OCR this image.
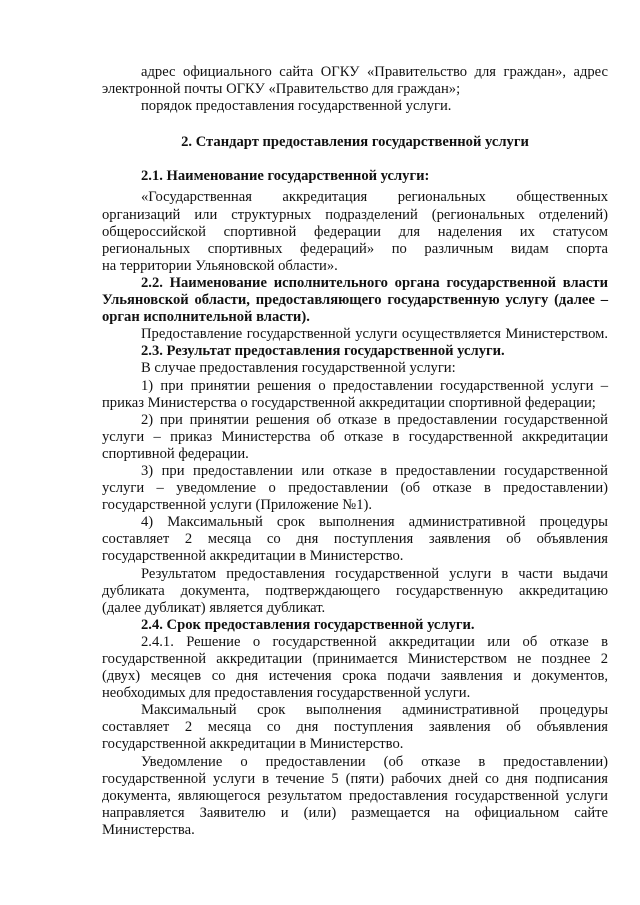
адрес официального сайта ОГКУ «Правительство для граждан», адрес

электронной почты ОГКУ «Правительство для граждан»;

порядок предоставления государственной услуги.

2. Стандарт предоставления государственной услуги

2.1. Наименование государственной услуги:

«Государственная аккредитация региональных общественных

организаций или структурных подразделений (региональных отделений)

общероссийской спортивной федерации для наделения их статусом

региональных спортивных федераций» по различным видам спорта

на территории Ульяновской области».

2.2. Наименование исполнительного органа государственной власти

Ульяновской области, предоставляющего государственную услугу (далее –

орган исполнительной власти).

Предоставление государственной услуги осуществляется Министерством.

2.3. Результат предоставления государственной услуги.

В случае предоставления государственной услуги:

1) при принятии решения о предоставлении государственной услуги –

приказ Министерства о государственной аккредитации спортивной федерации;

2) при принятии решения об отказе в предоставлении государственной

услуги – приказ Министерства об отказе в государственной аккредитации

спортивной федерации.

3) при предоставлении или отказе в предоставлении государственной

услуги – уведомление о предоставлении (об отказе в предоставлении)

государственной услуги (Приложение №1).

4) Максимальный срок выполнения административной процедуры

составляет 2 месяца со дня поступления заявления об объявления

государственной аккредитации в Министерство.

Результатом предоставления государственной услуги в части выдачи

дубликата документа, подтверждающего государственную аккредитацию

(далее дубликат) является дубликат.

2.4. Срок предоставления государственной услуги.

2.4.1. Решение о государственной аккредитации или об отказе в

государственной аккредитации (принимается Министерством не позднее 2

(двух) месяцев со дня истечения срока подачи заявления и документов,

необходимых для предоставления государственной услуги.

Максимальный срок выполнения административной процедуры

составляет 2 месяца со дня поступления заявления об объявления

государственной аккредитации в Министерство.

Уведомление о предоставлении (об отказе в предоставлении)

государственной услуги в течение 5 (пяти) рабочих дней со дня подписания

документа, являющегося результатом предоставления государственной услуги

направляется Заявителю и (или) размещается на официальном сайте

Министерства.
